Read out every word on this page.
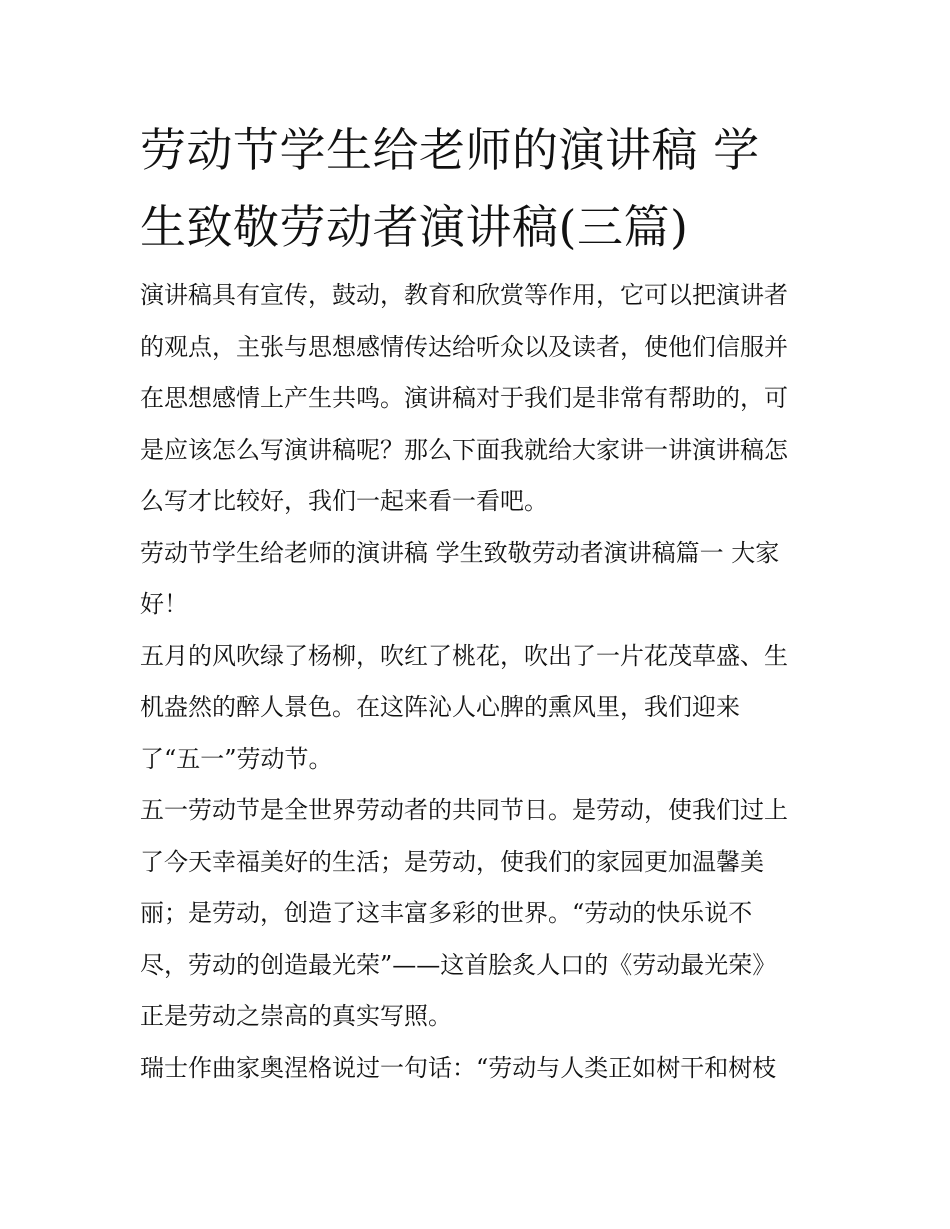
劳动节学生给老师的演讲稿 学
生致敬劳动者演讲稿(三篇)

演讲稿具有宣传，鼓动，教育和欣赏等作用，它可以把演讲者
的观点，主张与思想感情传达给听众以及读者，使他们信服并
在思想感情上产生共鸣。演讲稿对于我们是非常有帮助的，可
是应该怎么写演讲稿呢？那么下面我就给大家讲一讲演讲稿怎
么写才比较好，我们一起来看一看吧。

劳动节学生给老师的演讲稿 学生致敬劳动者演讲稿篇一 大家
好！

五月的风吹绿了杨柳，吹红了桃花，吹出了一片花茂草盛、生
机盎然的醉人景色。在这阵沁人心脾的熏风里，我们迎来
了“五一”劳动节。

五一劳动节是全世界劳动者的共同节日。是劳动，使我们过上
了今天幸福美好的生活；是劳动，使我们的家园更加温馨美
丽；是劳动，创造了这丰富多彩的世界。“劳动的快乐说不
尽，劳动的创造最光荣”——这首脍炙人口的《劳动最光荣》
正是劳动之崇高的真实写照。

瑞士作曲家奥涅格说过一句话：“劳动与人类正如树干和树枝
